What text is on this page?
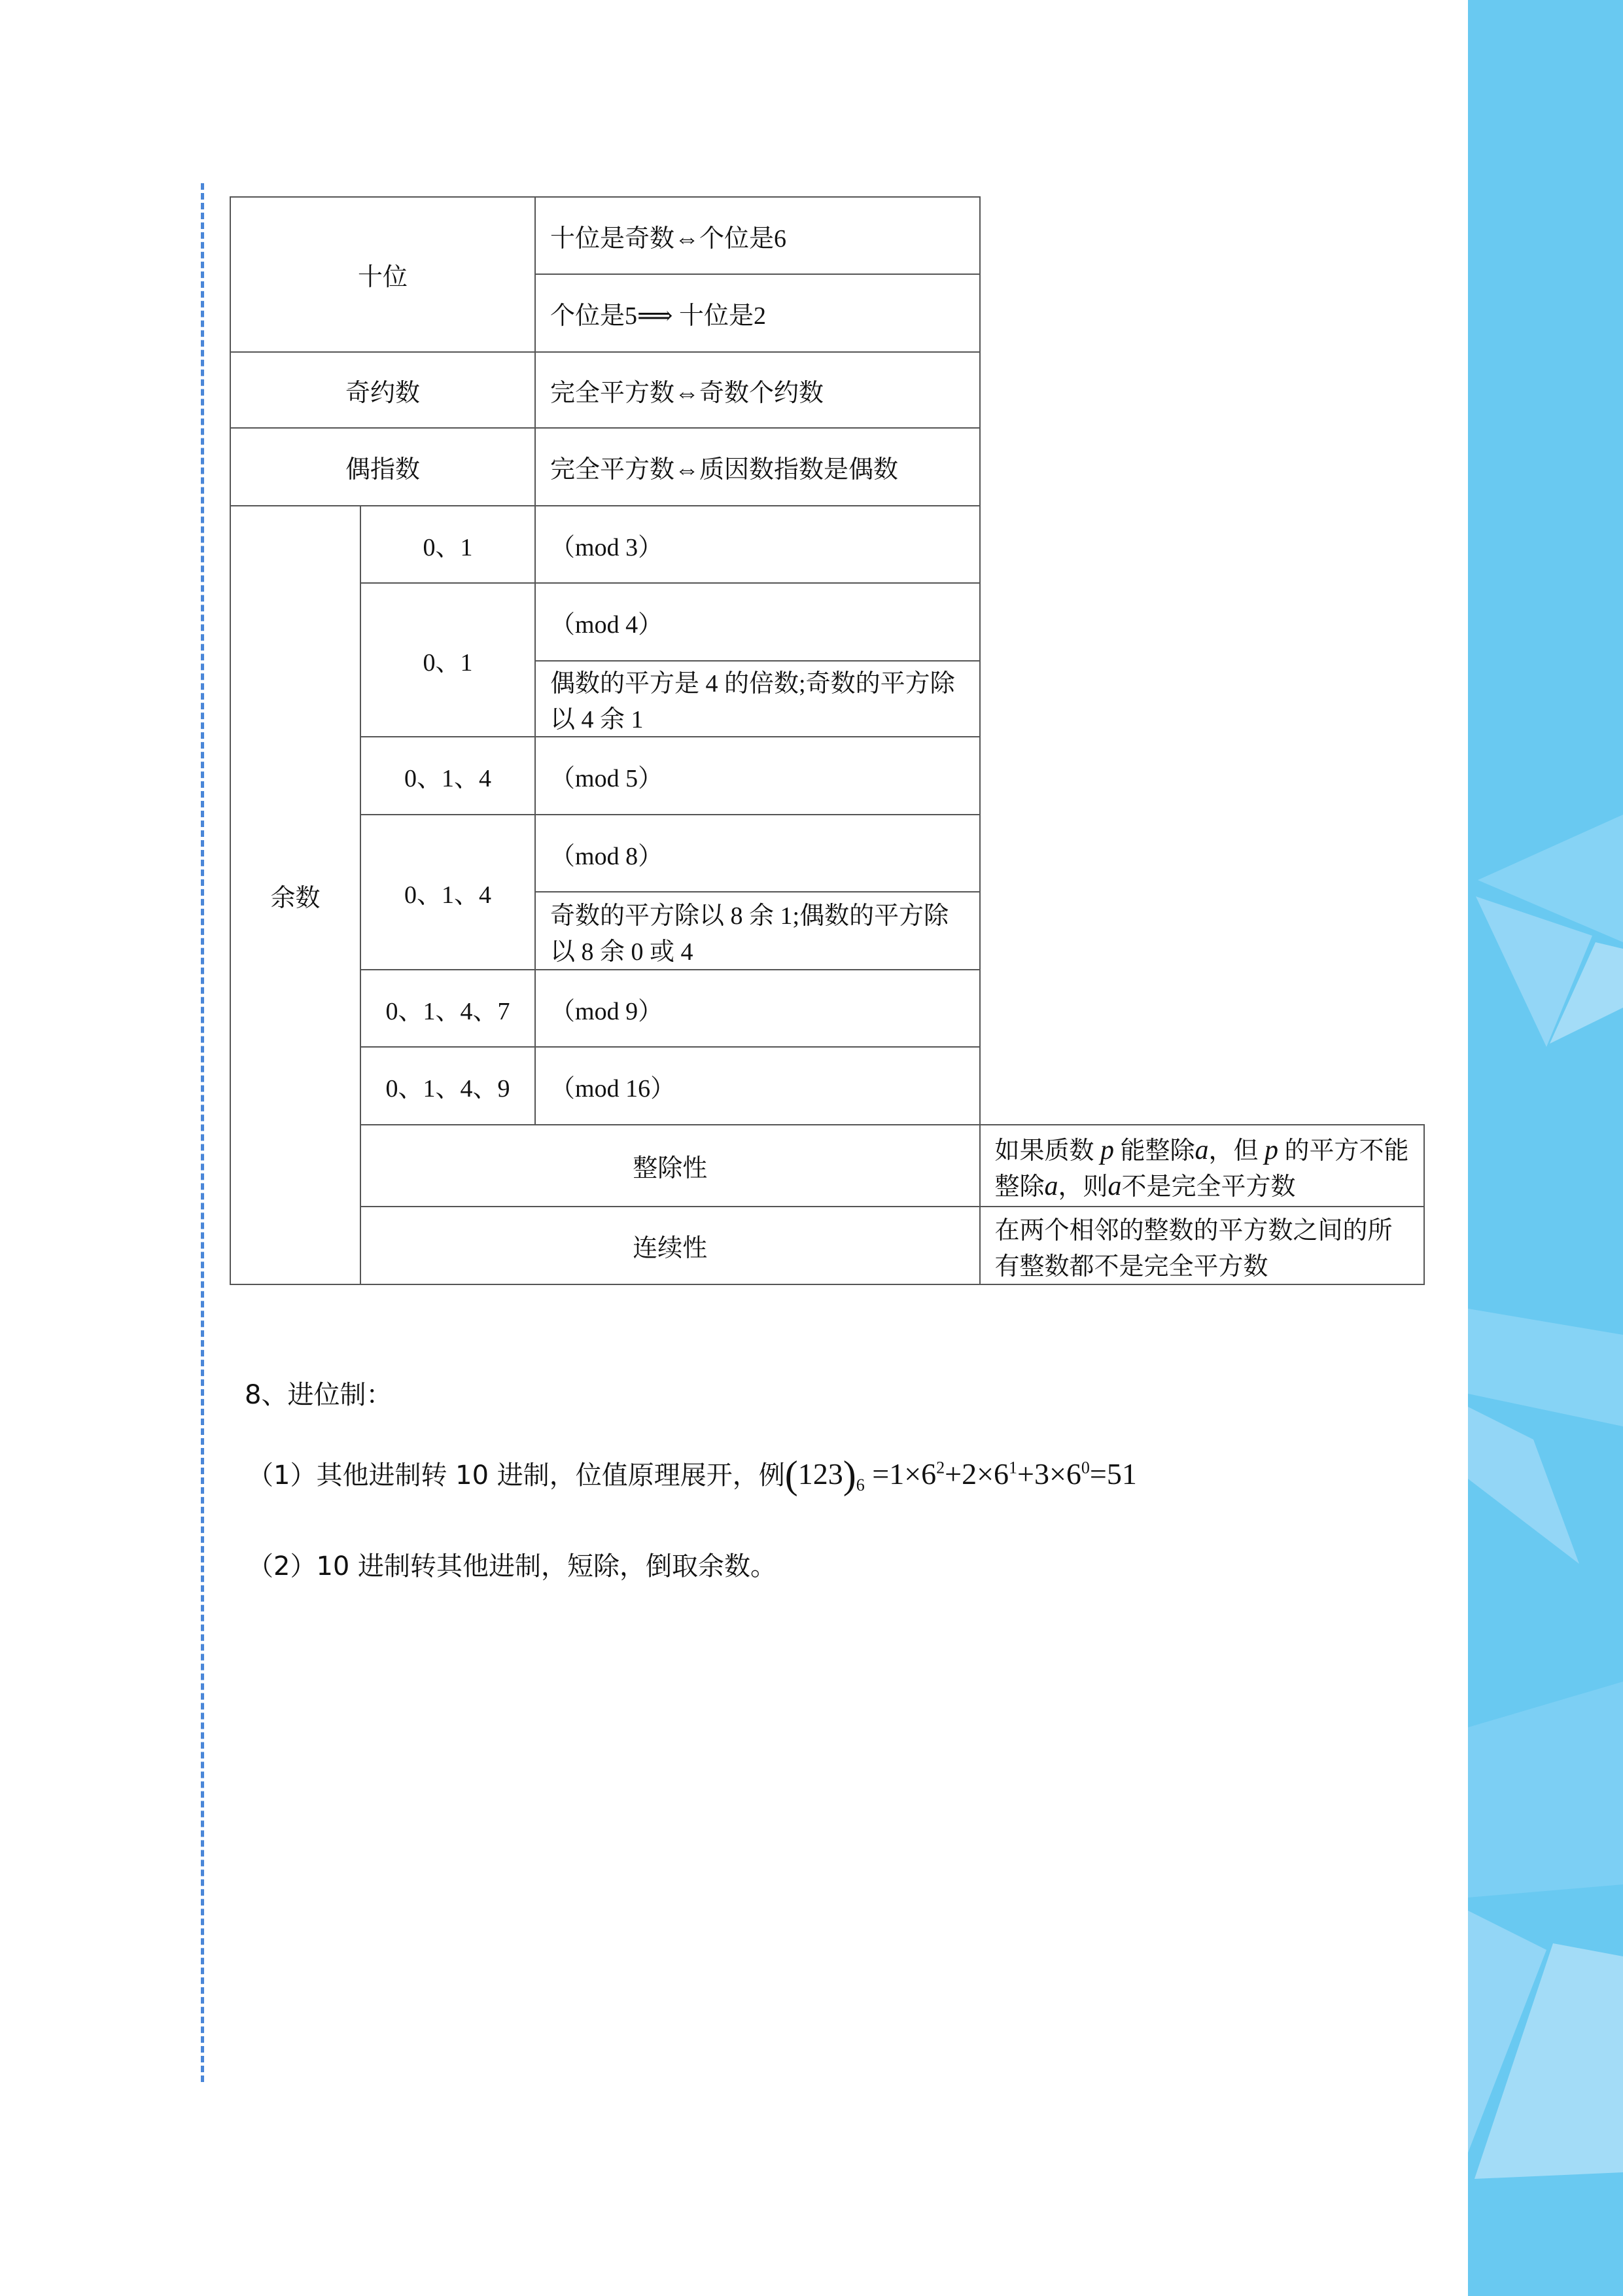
十位		十位是奇数⇔个位是6	
		个位是5⟹ 十位是2	
奇约数		完全平方数⇔奇数个约数	
偶指数		完全平方数⇔质因数指数是偶数	
余数	0、1	（mod 3）	
	0、1	（mod 4）	
		偶数的平方是 4 的倍数;奇数的平方除以 4 余 1	
	0、1、4	（mod 5）	
	0、1、4	（mod 8）	
		奇数的平方除以 8 余 1;偶数的平方除以 8 余 0 或 4	
	0、1、4、7	（mod 9）	
	0、1、4、9	（mod 16）	
	整除性		如果质数 p 能整除a，但 p 的平方不能整除a，则a不是完全平方数
	连续性		在两个相邻的整数的平方数之间的所有整数都不是完全平方数
8、进位制：
（1）其他进制转 10 进制，位值原理展开，例$(123)_6 =1\times 6^2+2\times 6^1+3\times 6^0=51$
（2）10 进制转其他进制，短除，倒取余数。
